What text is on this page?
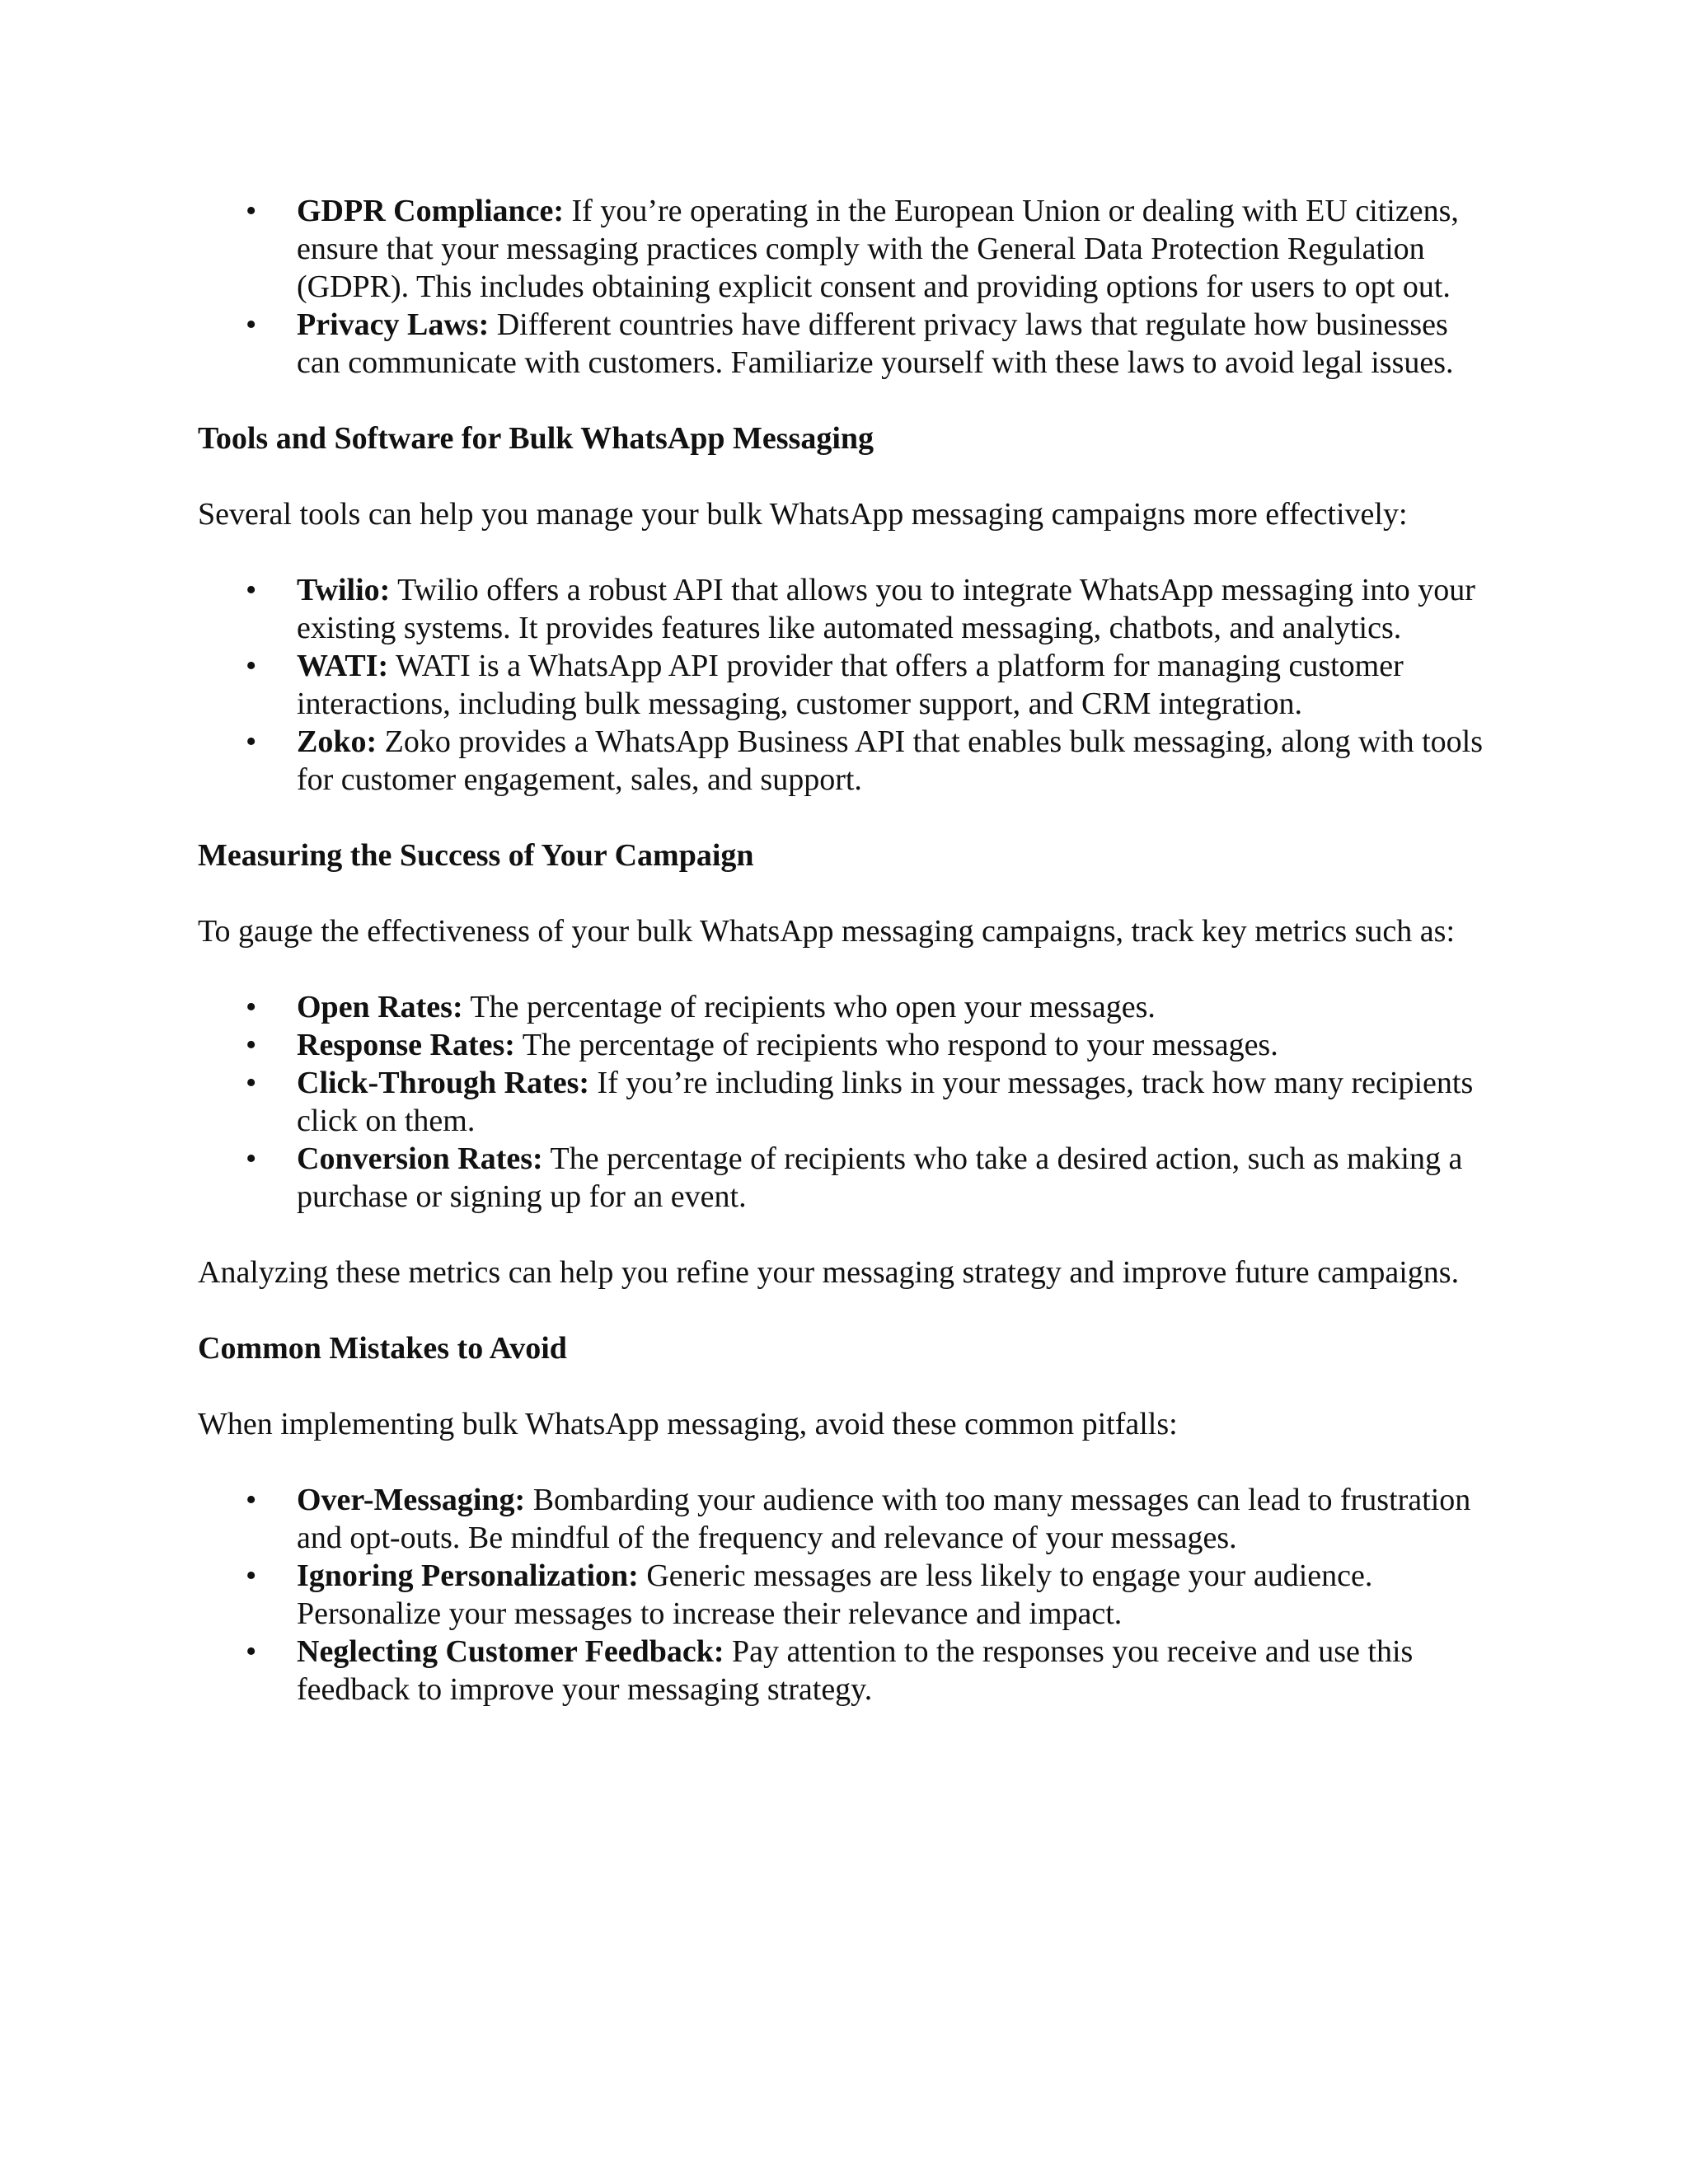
• GDPR Compliance: If you’re operating in the European Union or dealing with EU citizens, ensure that your messaging practices comply with the General Data Protection Regulation (GDPR). This includes obtaining explicit consent and providing options for users to opt out.
• Privacy Laws: Different countries have different privacy laws that regulate how businesses can communicate with customers. Familiarize yourself with these laws to avoid legal issues.
Tools and Software for Bulk WhatsApp Messaging

Several tools can help you manage your bulk WhatsApp messaging campaigns more effectively:

• Twilio: Twilio offers a robust API that allows you to integrate WhatsApp messaging into your existing systems. It provides features like automated messaging, chatbots, and analytics.
• WATI: WATI is a WhatsApp API provider that offers a platform for managing customer interactions, including bulk messaging, customer support, and CRM integration.
• Zoko: Zoko provides a WhatsApp Business API that enables bulk messaging, along with tools for customer engagement, sales, and support.
Measuring the Success of Your Campaign

To gauge the effectiveness of your bulk WhatsApp messaging campaigns, track key metrics such as:

• Open Rates: The percentage of recipients who open your messages.
• Response Rates: The percentage of recipients who respond to your messages.
• Click-Through Rates: If you’re including links in your messages, track how many recipients click on them.
• Conversion Rates: The percentage of recipients who take a desired action, such as making a purchase or signing up for an event.

Analyzing these metrics can help you refine your messaging strategy and improve future campaigns.

Common Mistakes to Avoid

When implementing bulk WhatsApp messaging, avoid these common pitfalls:

• Over-Messaging: Bombarding your audience with too many messages can lead to frustration and opt-outs. Be mindful of the frequency and relevance of your messages.
• Ignoring Personalization: Generic messages are less likely to engage your audience. Personalize your messages to increase their relevance and impact.
• Neglecting Customer Feedback: Pay attention to the responses you receive and use this feedback to improve your messaging strategy.
